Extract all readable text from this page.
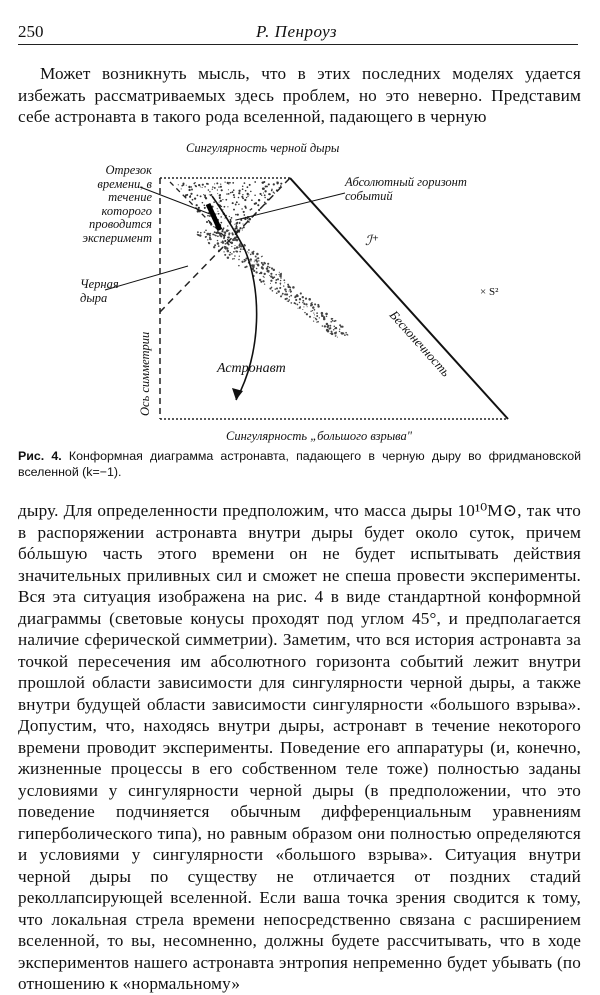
250	Р. Пенроуз

Может возникнуть мысль, что в этих последних моделях удается избежать рассматриваемых здесь проблем, но это неверно. Представим себе астронавта в такого рода вселенной, падающего в черную

Сингулярность черной дыры

Отрезок времени, в течение которого проводится эксперимент

Черная дыра

Абсолютный горизонт событий

ℐ⁺

Бесконечность

× S²

Астронавт

Ось симметрии

Сингулярность „большого взрыва"

Рис. 4. Конформная диаграмма астронавта, падающего в черную дыру во фридмановской вселенной (k=−1).

дыру. Для определенности предположим, что масса дыры 10¹⁰M⊙, так что в распоряжении астронавта внутри дыры будет около суток, причем бóльшую часть этого времени он не будет испытывать действия значительных приливных сил и сможет не спеша провести эксперименты. Вся эта ситуация изображена на рис. 4 в виде стандартной конформной диаграммы (световые конусы проходят под углом 45°, и предполагается наличие сферической симметрии). Заметим, что вся история астронавта за точкой пересечения им абсолютного горизонта событий лежит внутри прошлой области зависимости для сингулярности черной дыры, а также внутри будущей области зависимости сингулярности «большого взрыва». Допустим, что, находясь внутри дыры, астронавт в течение некоторого времени проводит эксперименты. Поведение его аппаратуры (и, конечно, жизненные процессы в его собственном теле тоже) полностью заданы условиями у сингулярности черной дыры (в предположении, что это поведение подчиняется обычным дифференциальным уравнениям гиперболического типа), но равным образом они полностью определяются и условиями у сингулярности «большого взрыва». Ситуация внутри черной дыры по существу не отличается от поздних стадий реколлапсирующей вселенной. Если ваша точка зрения сводится к тому, что локальная стрела времени непосредственно связана с расширением вселенной, то вы, несомненно, должны будете рассчитывать, что в ходе экспериментов нашего астронавта энтропия непременно будет убывать (по отношению к «нормальному»
